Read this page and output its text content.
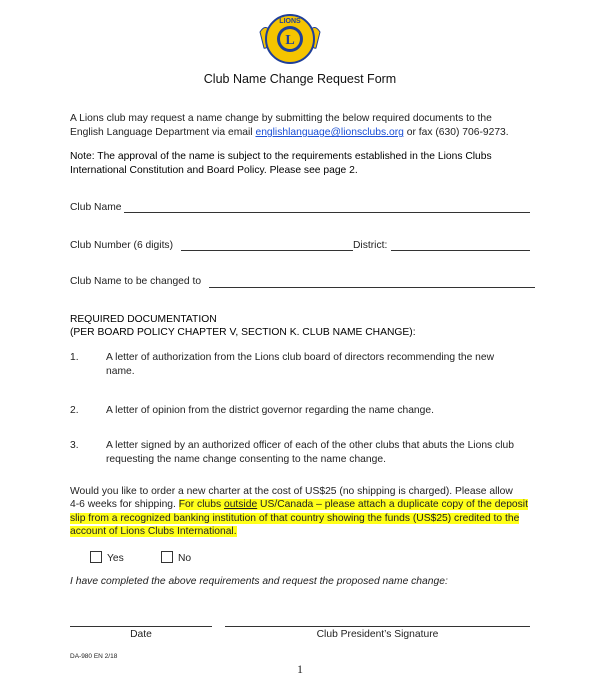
L
LIONS
Club Name Change Request Form
A Lions club may request a name change by submitting the below required documents to the
English Language Department via email englishlanguage@lionsclubs.org or fax (630) 706-9273.
Note: The approval of the name is subject to the requirements established in the Lions Clubs
International Constitution and Board Policy. Please see page 2.
Club Name
Club Number (6 digits)	District:
Club Name to be changed to
REQUIRED DOCUMENTATION
(PER BOARD POLICY CHAPTER V, SECTION K. CLUB NAME CHANGE):
1.	A letter of authorization from the Lions club board of directors recommending the new
name.
2.	A letter of opinion from the district governor regarding the name change.
3.	A letter signed by an authorized officer of each of the other clubs that abuts the Lions club
requesting the name change consenting to the name change.
Would you like to order a new charter at the cost of US$25 (no shipping is charged). Please allow
4-6 weeks for shipping. For clubs outside US/Canada – please attach a duplicate copy of the deposit
slip from a recognized banking institution of that country showing the funds (US$25) credited to the
account of Lions Clubs International.
Yes	No
I have completed the above requirements and request the proposed name change:
Date	Club President’s Signature
DA-980 EN 2/18
1
